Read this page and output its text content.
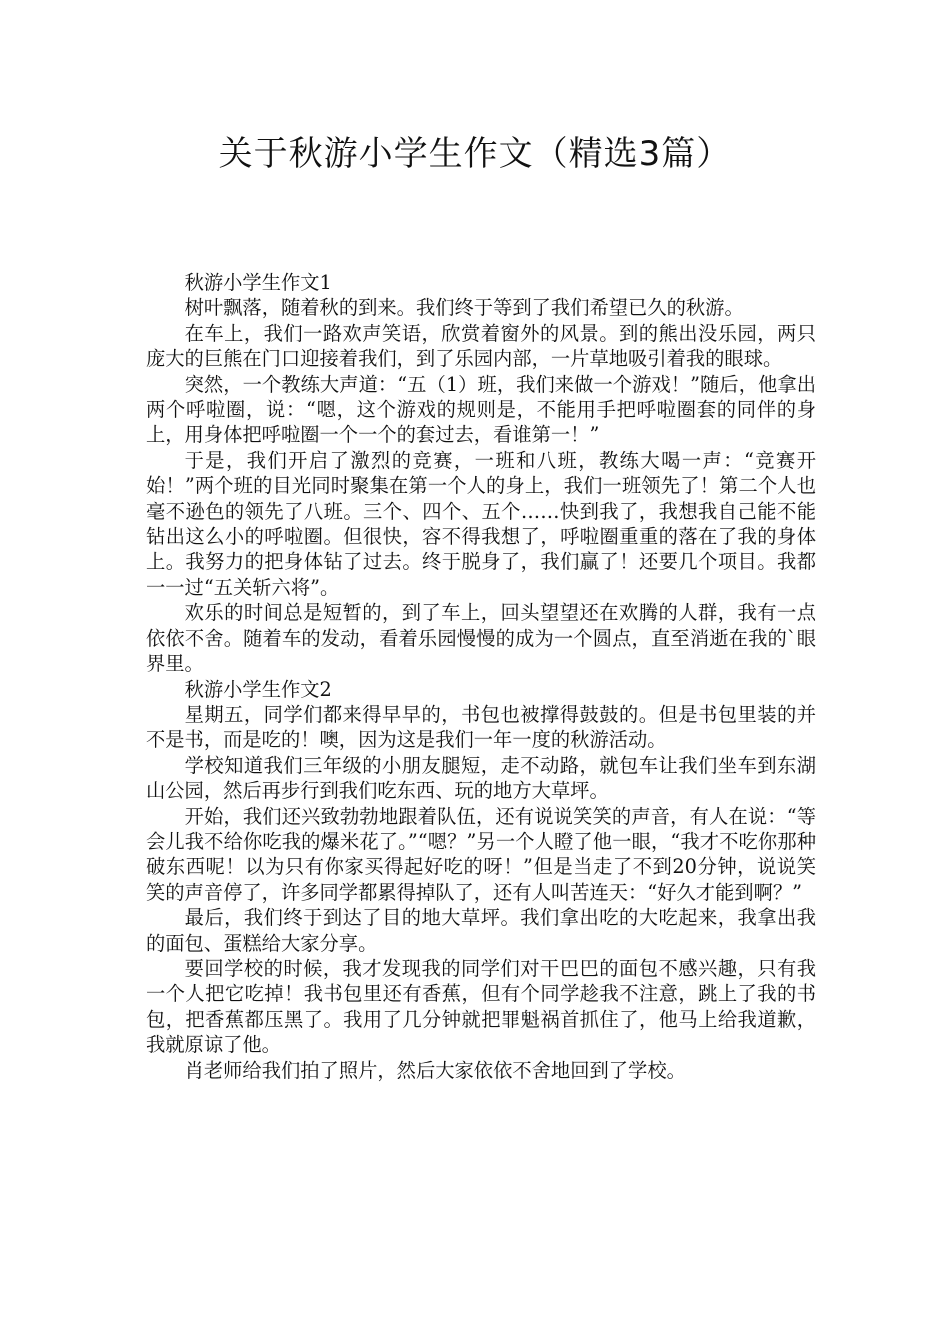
关于秋游小学生作文（精选3篇）

秋游小学生作文1

树叶飘落，随着秋的到来。我们终于等到了我们希望已久的秋游。

在车上，我们一路欢声笑语，欣赏着窗外的风景。到的熊出没乐园，两只庞大的巨熊在门口迎接着我们，到了乐园内部，一片草地吸引着我的眼球。

突然，一个教练大声道：“五（1）班，我们来做一个游戏！”随后，他拿出两个呼啦圈，说：“嗯，这个游戏的规则是，不能用手把呼啦圈套的同伴的身上，用身体把呼啦圈一个一个的套过去，看谁第一！”

于是，我们开启了激烈的竞赛，一班和八班，教练大喝一声：“竞赛开始！”两个班的目光同时聚集在第一个人的身上，我们一班领先了！第二个人也毫不逊色的领先了八班。三个、四个、五个……快到我了，我想我自己能不能钻出这么小的呼啦圈。但很快，容不得我想了，呼啦圈重重的落在了我的身体上。我努力的把身体钻了过去。终于脱身了，我们赢了！还要几个项目。我都一一过“五关斩六将”。

欢乐的时间总是短暂的，到了车上，回头望望还在欢腾的人群，我有一点依依不舍。随着车的发动，看着乐园慢慢的成为一个圆点，直至消逝在我的`眼界里。

秋游小学生作文2

星期五，同学们都来得早早的，书包也被撑得鼓鼓的。但是书包里装的并不是书，而是吃的！噢，因为这是我们一年一度的秋游活动。

学校知道我们三年级的小朋友腿短，走不动路，就包车让我们坐车到东湖山公园，然后再步行到我们吃东西、玩的地方大草坪。

开始，我们还兴致勃勃地跟着队伍，还有说说笑笑的声音，有人在说：“等会儿我不给你吃我的爆米花了。”“嗯？”另一个人瞪了他一眼，“我才不吃你那种破东西呢！以为只有你家买得起好吃的呀！”但是当走了不到20分钟，说说笑笑的声音停了，许多同学都累得掉队了，还有人叫苦连天：“好久才能到啊？”

最后，我们终于到达了目的地大草坪。我们拿出吃的大吃起来，我拿出我的面包、蛋糕给大家分享。

要回学校的时候，我才发现我的同学们对干巴巴的面包不感兴趣，只有我一个人把它吃掉！我书包里还有香蕉，但有个同学趁我不注意，跳上了我的书包，把香蕉都压黑了。我用了几分钟就把罪魁祸首抓住了，他马上给我道歉，我就原谅了他。

肖老师给我们拍了照片，然后大家依依不舍地回到了学校。
